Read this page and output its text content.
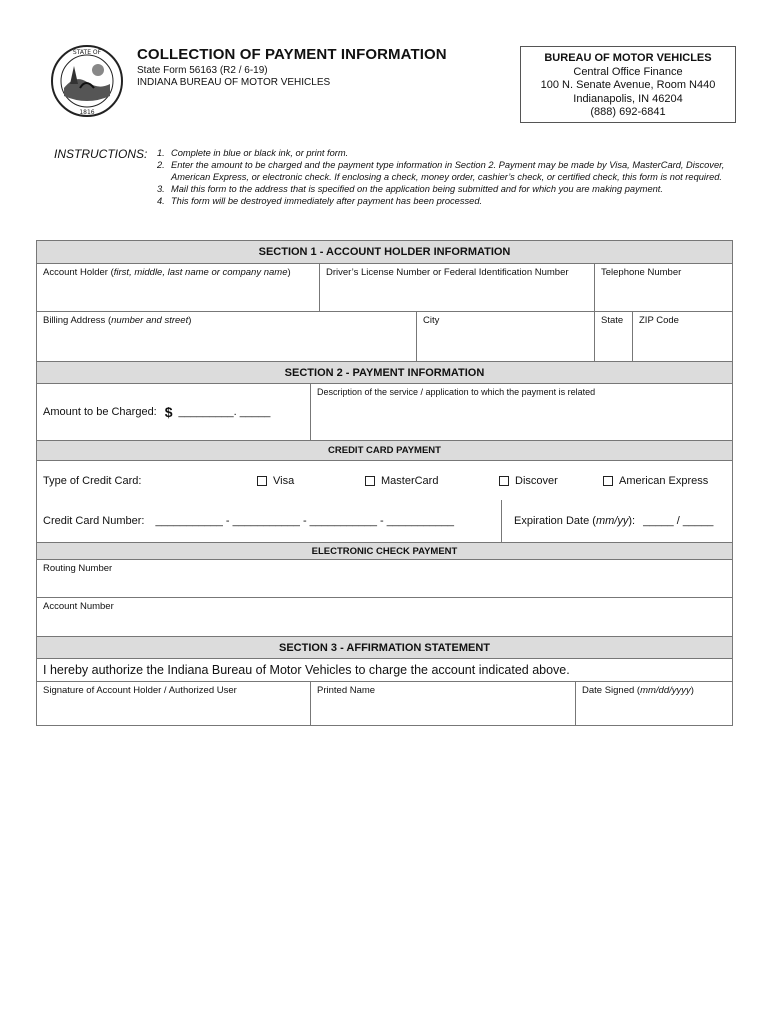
STATE OF
1816
COLLECTION OF PAYMENT INFORMATION
State Form 56163 (R2 / 6-19)
INDIANA BUREAU OF MOTOR VEHICLES
BUREAU OF MOTOR VEHICLES
Central Office Finance
100 N. Senate Avenue, Room N440
Indianapolis, IN 46204
(888) 692-6841
INSTRUCTIONS: 1. Complete in blue or black ink, or print form.
2. Enter the amount to be charged and the payment type information in Section 2. Payment may be made by Visa, MasterCard, Discover, American Express, or electronic check. If enclosing a check, money order, cashier’s check, or certified check, this form is not required.
3. Mail this form to the address that is specified on the application being submitted and for which you are making payment.
4. This form will be destroyed immediately after payment has been processed.
SECTION 1 - ACCOUNT HOLDER INFORMATION
Account Holder (first, middle, last name or company name)	Driver’s License Number or Federal Identification Number	Telephone Number
Billing Address (number and street)	City	State	ZIP Code
SECTION 2 - PAYMENT INFORMATION
Amount to be Charged: $ _________. _____
Description of the service / application to which the payment is related
CREDIT CARD PAYMENT
Type of Credit Card:	Visa	MasterCard	Discover	American Express
Credit Card Number: ___________ - ___________ - ___________ - ___________	Expiration Date ( mm/yy ): _____ / _____
ELECTRONIC CHECK PAYMENT
Routing Number
Account Number
SECTION 3 - AFFIRMATION STATEMENT
I hereby authorize the Indiana Bureau of Motor Vehicles to charge the account indicated above.
Signature of Account Holder / Authorized User	Printed Name	Date Signed (mm/dd/yyyy)
